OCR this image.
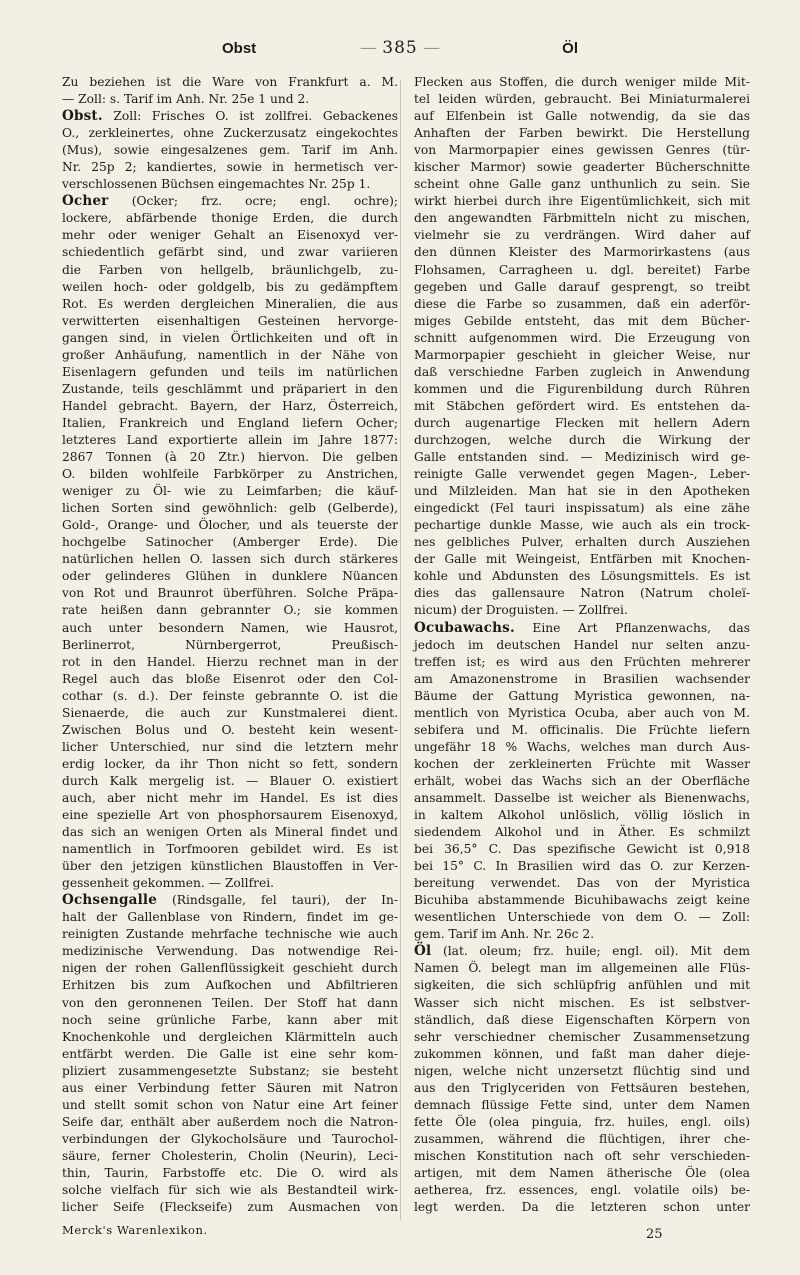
Obst	— 385 —	Öl
Zu beziehen ist die Ware von Frankfurt a. M.
— Zoll: s. Tarif im Anh. Nr. 25e 1 und 2.
Obst. Zoll: Frisches O. ist zollfrei. Gebackenes
O., zerkleinertes, ohne Zuckerzusatz eingekochtes
(Mus), sowie eingesalzenes gem. Tarif im Anh.
Nr. 25p 2; kandiertes, sowie in hermetisch ver-
verschlossenen Büchsen eingemachtes Nr. 25p 1.
Ocher (Ocker; frz. ocre; engl. ochre);
lockere, abfärbende thonige Erden, die durch
mehr oder weniger Gehalt an Eisenoxyd ver-
schiedentlich gefärbt sind, und zwar variieren
die Farben von hellgelb, bräunlichgelb, zu-
weilen hoch- oder goldgelb, bis zu gedämpftem
Rot. Es werden dergleichen Mineralien, die aus
verwitterten eisenhaltigen Gesteinen hervorge-
gangen sind, in vielen Örtlichkeiten und oft in
großer Anhäufung, namentlich in der Nähe von
Eisenlagern gefunden und teils im natürlichen
Zustande, teils geschlämmt und präpariert in den
Handel gebracht. Bayern, der Harz, Österreich,
Italien, Frankreich und England liefern Ocher;
letzteres Land exportierte allein im Jahre 1877:
2867 Tonnen (à 20 Ztr.) hiervon. Die gelben
O. bilden wohlfeile Farbkörper zu Anstrichen,
weniger zu Öl- wie zu Leimfarben; die käuf-
lichen Sorten sind gewöhnlich: gelb (Gelberde),
Gold-, Orange- und Ölocher, und als teuerste der
hochgelbe Satinocher (Amberger Erde). Die
natürlichen hellen O. lassen sich durch stärkeres
oder gelinderes Glühen in dunklere Nüancen
von Rot und Braunrot überführen. Solche Präpa-
rate heißen dann gebrannter O.; sie kommen
auch unter besondern Namen, wie Hausrot,
Berlinerrot, Nürnbergerrot, Preußisch-
rot in den Handel. Hierzu rechnet man in der
Regel auch das bloße Eisenrot oder den Col-
cothar (s. d.). Der feinste gebrannte O. ist die
Sienaerde, die auch zur Kunstmalerei dient.
Zwischen Bolus und O. besteht kein wesent-
licher Unterschied, nur sind die letztern mehr
erdig locker, da ihr Thon nicht so fett, sondern
durch Kalk mergelig ist. — Blauer O. existiert
auch, aber nicht mehr im Handel. Es ist dies
eine spezielle Art von phosphorsaurem Eisenoxyd,
das sich an wenigen Orten als Mineral findet und
namentlich in Torfmooren gebildet wird. Es ist
über den jetzigen künstlichen Blaustoffen in Ver-
gessenheit gekommen. — Zollfrei.
Ochsengalle (Rindsgalle, fel tauri), der In-
halt der Gallenblase von Rindern, findet im ge-
reinigten Zustande mehrfache technische wie auch
medizinische Verwendung. Das notwendige Rei-
nigen der rohen Gallenflüssigkeit geschieht durch
Erhitzen bis zum Aufkochen und Abfiltrieren
von den geronnenen Teilen. Der Stoff hat dann
noch seine grünliche Farbe, kann aber mit
Knochenkohle und dergleichen Klärmitteln auch
entfärbt werden. Die Galle ist eine sehr kom-
pliziert zusammengesetzte Substanz; sie besteht
aus einer Verbindung fetter Säuren mit Natron
und stellt somit schon von Natur eine Art feiner
Seife dar, enthält aber außerdem noch die Natron-
verbindungen der Glykocholsäure und Taurochol-
säure, ferner Cholesterin, Cholin (Neurin), Leci-
thin, Taurin, Farbstoffe etc. Die O. wird als
solche vielfach für sich wie als Bestandteil wirk-
licher Seife (Fleckseife) zum Ausmachen von
Flecken aus Stoffen, die durch weniger milde Mit-
tel leiden würden, gebraucht. Bei Miniaturmalerei
auf Elfenbein ist Galle notwendig, da sie das
Anhaften der Farben bewirkt. Die Herstellung
von Marmorpapier eines gewissen Genres (tür-
kischer Marmor) sowie geaderter Bücherschnitte
scheint ohne Galle ganz unthunlich zu sein. Sie
wirkt hierbei durch ihre Eigentümlichkeit, sich mit
den angewandten Färbmitteln nicht zu mischen,
vielmehr sie zu verdrängen. Wird daher auf
den dünnen Kleister des Marmorirkastens (aus
Flohsamen, Carragheen u. dgl. bereitet) Farbe
gegeben und Galle darauf gesprengt, so treibt
diese die Farbe so zusammen, daß ein aderför-
miges Gebilde entsteht, das mit dem Bücher-
schnitt aufgenommen wird. Die Erzeugung von
Marmorpapier geschieht in gleicher Weise, nur
daß verschiedne Farben zugleich in Anwendung
kommen und die Figurenbildung durch Rühren
mit Stäbchen gefördert wird. Es entstehen da-
durch augenartige Flecken mit hellern Adern
durchzogen, welche durch die Wirkung der
Galle entstanden sind. — Medizinisch wird ge-
reinigte Galle verwendet gegen Magen-, Leber-
und Milzleiden. Man hat sie in den Apotheken
eingedickt (Fel tauri inspissatum) als eine zähe
pechartige dunkle Masse, wie auch als ein trock-
nes gelbliches Pulver, erhalten durch Ausziehen
der Galle mit Weingeist, Entfärben mit Knochen-
kohle und Abdunsten des Lösungsmittels. Es ist
dies das gallensaure Natron (Natrum choleï-
nicum) der Droguisten. — Zollfrei.
Ocubawachs. Eine Art Pflanzenwachs, das
jedoch im deutschen Handel nur selten anzu-
treffen ist; es wird aus den Früchten mehrerer
am Amazonenstrome in Brasilien wachsender
Bäume der Gattung Myristica gewonnen, na-
mentlich von Myristica Ocuba, aber auch von M.
sebifera und M. officinalis. Die Früchte liefern
ungefähr 18 % Wachs, welches man durch Aus-
kochen der zerkleinerten Früchte mit Wasser
erhält, wobei das Wachs sich an der Oberfläche
ansammelt. Dasselbe ist weicher als Bienenwachs,
in kaltem Alkohol unlöslich, völlig löslich in
siedendem Alkohol und in Äther. Es schmilzt
bei 36,5° C. Das spezifische Gewicht ist 0,918
bei 15° C. In Brasilien wird das O. zur Kerzen-
bereitung verwendet. Das von der Myristica
Bicuhiba abstammende Bicuhibawachs zeigt keine
wesentlichen Unterschiede von dem O. — Zoll:
gem. Tarif im Anh. Nr. 26c 2.
Öl (lat. oleum; frz. huile; engl. oil). Mit dem
Namen Ö. belegt man im allgemeinen alle Flüs-
sigkeiten, die sich schlüpfrig anfühlen und mit
Wasser sich nicht mischen. Es ist selbstver-
ständlich, daß diese Eigenschaften Körpern von
sehr verschiedner chemischer Zusammensetzung
zukommen können, und faßt man daher dieje-
nigen, welche nicht unzersetzt flüchtig sind und
aus den Triglyceriden von Fettsäuren bestehen,
demnach flüssige Fette sind, unter dem Namen
fette Öle (olea pinguia, frz. huiles, engl. oils)
zusammen, während die flüchtigen, ihrer che-
mischen Konstitution nach oft sehr verschieden-
artigen, mit dem Namen ätherische Öle (olea
aetherea, frz. essences, engl. volatile oils) be-
legt werden. Da die letzteren schon unter
Merck's Warenlexikon.	25
